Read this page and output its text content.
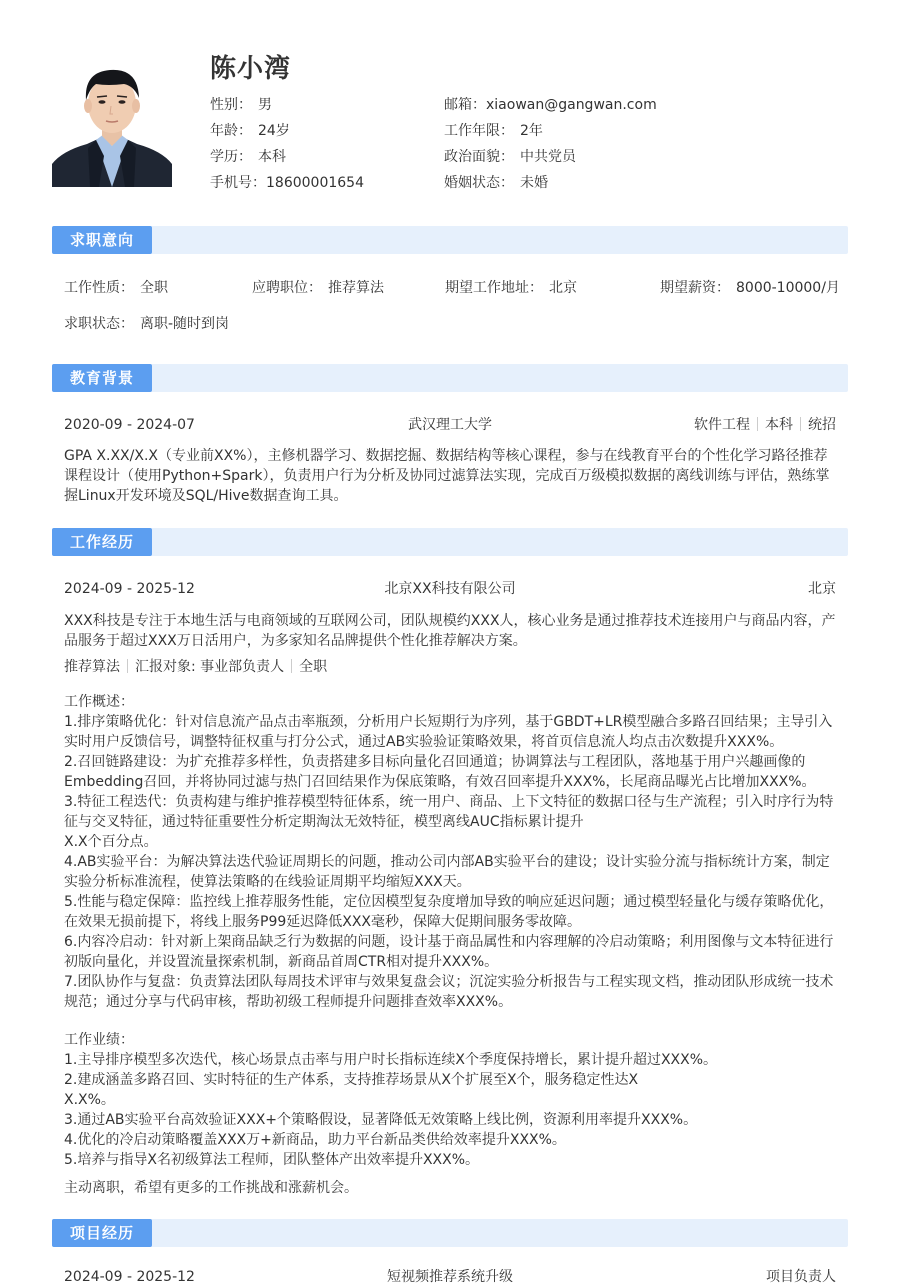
陈小湾
性别： 男
年龄： 24岁
学历： 本科
手机号：18600001654
邮箱：xiaowan@gangwan.com
工作年限： 2年
政治面貌： 中共党员
婚姻状态： 未婚
求职意向
工作性质： 全职	应聘职位： 推荐算法	期望工作地址： 北京	期望薪资： 8000-10000/月
求职状态： 离职-随时到岗
教育背景
2020-09 - 2024-07	武汉理工大学	软件工程 本科 统招
GPA X.XX/X.X（专业前XX%），主修机器学习、数据挖掘、数据结构等核心课程，参与在线教育平台的个性化学习路径推荐
课程设计（使用Python+Spark），负责用户行为分析及协同过滤算法实现，完成百万级模拟数据的离线训练与评估，熟练掌
握Linux开发环境及SQL/Hive数据查询工具。
工作经历
2024-09 - 2025-12	北京XX科技有限公司	北京
XXX科技是专注于本地生活与电商领域的互联网公司，团队规模约XXX人，核心业务是通过推荐技术连接用户与商品内容，产
品服务于超过XXX万日活用户，为多家知名品牌提供个性化推荐解决方案。
推荐算法 汇报对象: 事业部负责人 全职
工作概述：
1.排序策略优化：针对信息流产品点击率瓶颈，分析用户长短期行为序列，基于GBDT+LR模型融合多路召回结果；主导引入
实时用户反馈信号，调整特征权重与打分公式，通过AB实验验证策略效果，将首页信息流人均点击次数提升XXX%。
2.召回链路建设：为扩充推荐多样性，负责搭建多目标向量化召回通道；协调算法与工程团队，落地基于用户兴趣画像的
Embedding召回，并将协同过滤与热门召回结果作为保底策略，有效召回率提升XXX%，长尾商品曝光占比增加XXX%。
3.特征工程迭代：负责构建与维护推荐模型特征体系，统一用户、商品、上下文特征的数据口径与生产流程；引入时序行为特
征与交叉特征，通过特征重要性分析定期淘汰无效特征，模型离线AUC指标累计提升
X.X个百分点。
4.AB实验平台：为解决算法迭代验证周期长的问题，推动公司内部AB实验平台的建设；设计实验分流与指标统计方案，制定
实验分析标准流程，使算法策略的在线验证周期平均缩短XXX天。
5.性能与稳定保障：监控线上推荐服务性能，定位因模型复杂度增加导致的响应延迟问题；通过模型轻量化与缓存策略优化，
在效果无损前提下，将线上服务P99延迟降低XXX毫秒，保障大促期间服务零故障。
6.内容冷启动：针对新上架商品缺乏行为数据的问题，设计基于商品属性和内容理解的冷启动策略；利用图像与文本特征进行
初版向量化，并设置流量探索机制，新商品首周CTR相对提升XXX%。
7.团队协作与复盘：负责算法团队每周技术评审与效果复盘会议；沉淀实验分析报告与工程实现文档，推动团队形成统一技术
规范；通过分享与代码审核，帮助初级工程师提升问题排查效率XXX%。
工作业绩：
1.主导排序模型多次迭代，核心场景点击率与用户时长指标连续X个季度保持增长，累计提升超过XXX%。
2.建成涵盖多路召回、实时特征的生产体系，支持推荐场景从X个扩展至X个，服务稳定性达X
X.X%。
3.通过AB实验平台高效验证XXX+个策略假设，显著降低无效策略上线比例，资源利用率提升XXX%。
4.优化的冷启动策略覆盖XXX万+新商品，助力平台新品类供给效率提升XXX%。
5.培养与指导X名初级算法工程师，团队整体产出效率提升XXX%。
主动离职，希望有更多的工作挑战和涨薪机会。
项目经历
2024-09 - 2025-12	短视频推荐系统升级	项目负责人
